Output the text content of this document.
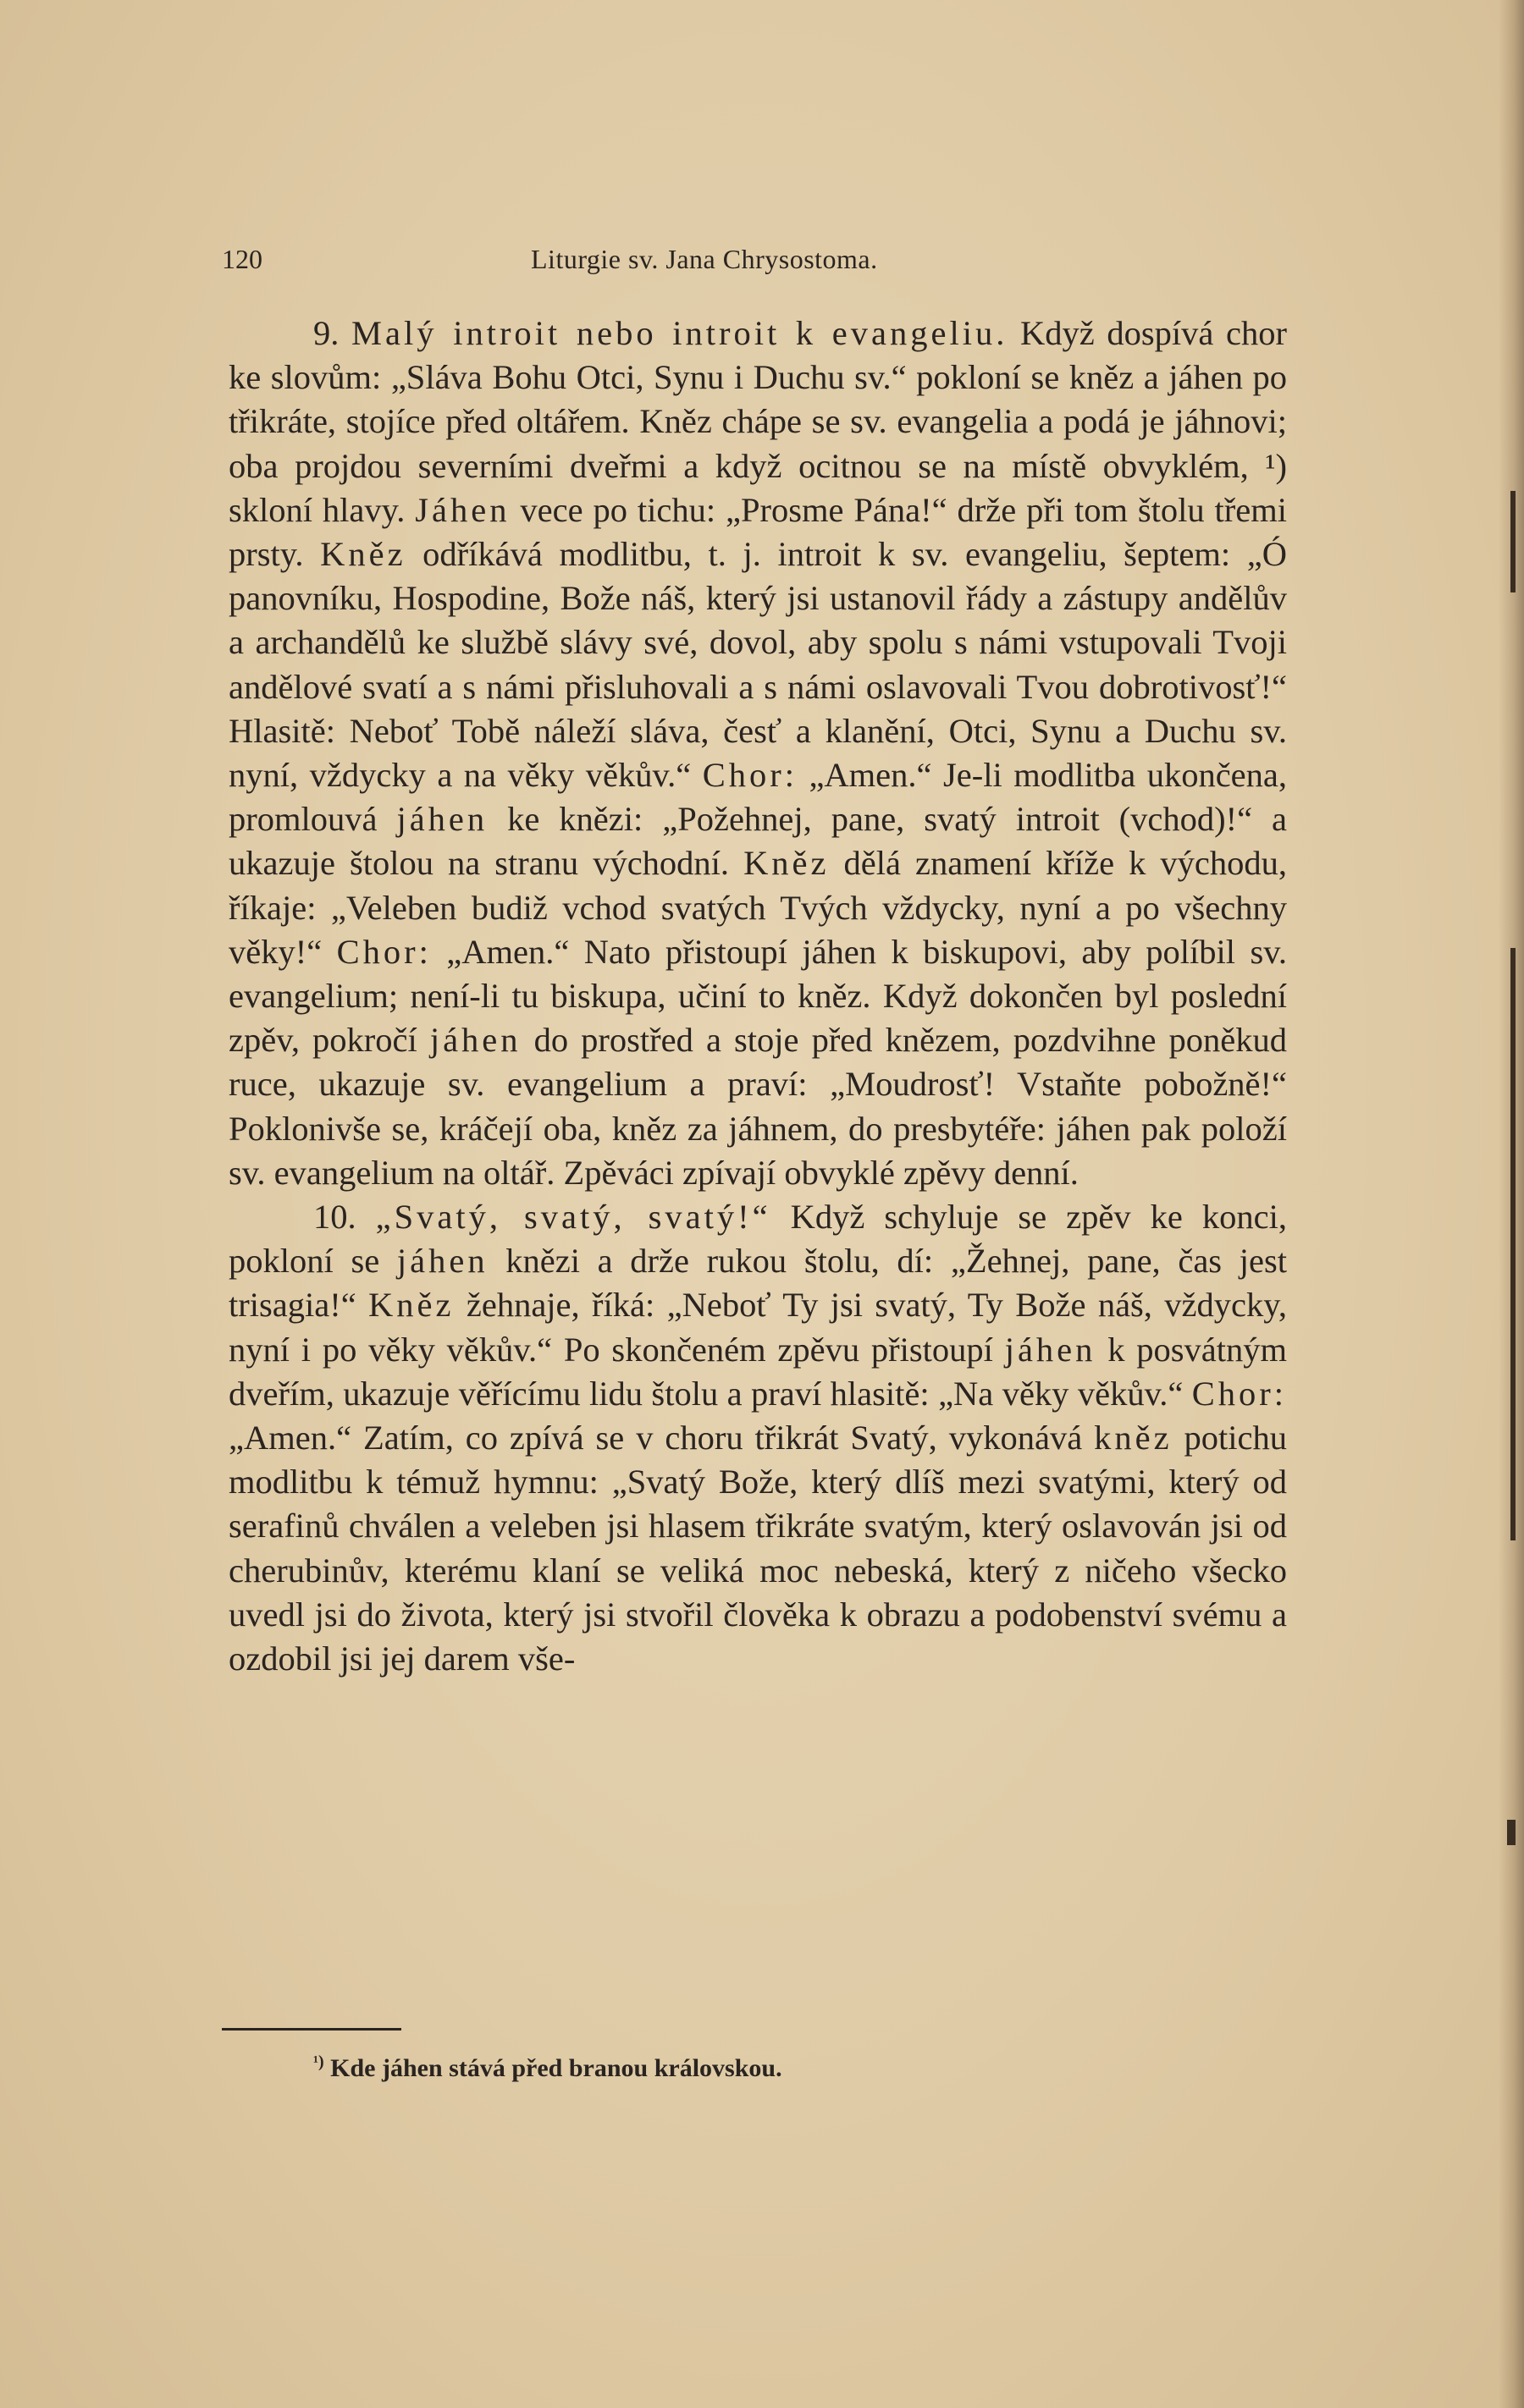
120	Liturgie sv. Jana Chrysostoma.

9. Malý introit nebo introit k evangeliu. Když dospívá chor ke slovům: „Sláva Bohu Otci, Synu i Duchu sv.“ pokloní se kněz a jáhen po třikráte, stojíce před oltářem. Kněz chápe se sv. evangelia a podá je jáhnovi; oba projdou severními dveřmi a když ocitnou se na místě obvyklém, ¹) skloní hlavy. Jáhen vece po tichu: „Prosme Pána!“ drže při tom štolu třemi prsty. Kněz odříkává modlitbu, t. j. introit k sv. evangeliu, šeptem: „Ó panovníku, Hospodine, Bože náš, který jsi ustanovil řády a zástupy andělův a archandělů ke službě slávy své, dovol, aby spolu s námi vstupovali Tvoji andělové svatí a s námi přisluhovali a s námi oslavovali Tvou dobrotivosť!“ Hlasitě: Neboť Tobě náleží sláva, česť a klanění, Otci, Synu a Duchu sv. nyní, vždycky a na věky věkův.“ Chor: „Amen.“ Je-li modlitba ukončena, promlouvá jáhen ke knězi: „Požehnej, pane, svatý introit (vchod)!“ a ukazuje štolou na stranu východní. Kněz dělá znamení kříže k východu, říkaje: „Veleben budiž vchod svatých Tvých vždycky, nyní a po všechny věky!“ Chor: „Amen.“ Nato přistoupí jáhen k biskupovi, aby políbil sv. evangelium; není-li tu biskupa, učiní to kněz. Když dokončen byl poslední zpěv, pokročí jáhen do prostřed a stoje před knězem, pozdvihne poněkud ruce, ukazuje sv. evangelium a praví: „Moudrosť! Vstaňte pobožně!“ Poklonivše se, kráčejí oba, kněz za jáhnem, do presbytéře: jáhen pak položí sv. evangelium na oltář. Zpěváci zpívají obvyklé zpěvy denní.

10. „Svatý, svatý, svatý!“ Když schyluje se zpěv ke konci, pokloní se jáhen knězi a drže rukou štolu, dí: „Žehnej, pane, čas jest trisagia!“ Kněz žehnaje, říká: „Neboť Ty jsi svatý, Ty Bože náš, vždycky, nyní i po věky věkův.“ Po skončeném zpěvu přistoupí jáhen k posvátným dveřím, ukazuje věřícímu lidu štolu a praví hlasitě: „Na věky věkův.“ Chor: „Amen.“ Zatím, co zpívá se v choru třikrát Svatý, vykonává kněz potichu modlitbu k témuž hymnu: „Svatý Bože, který dlíš mezi svatými, který od serafinů chválen a veleben jsi hlasem třikráte svatým, který oslavován jsi od cherubinův, kterému klaní se veliká moc nebeská, který z ničeho všecko uvedl jsi do života, který jsi stvořil člověka k obrazu a podobenství svému a ozdobil jsi jej darem vše-

$^{^1)}$ Kde jáhen stává před branou královskou.
